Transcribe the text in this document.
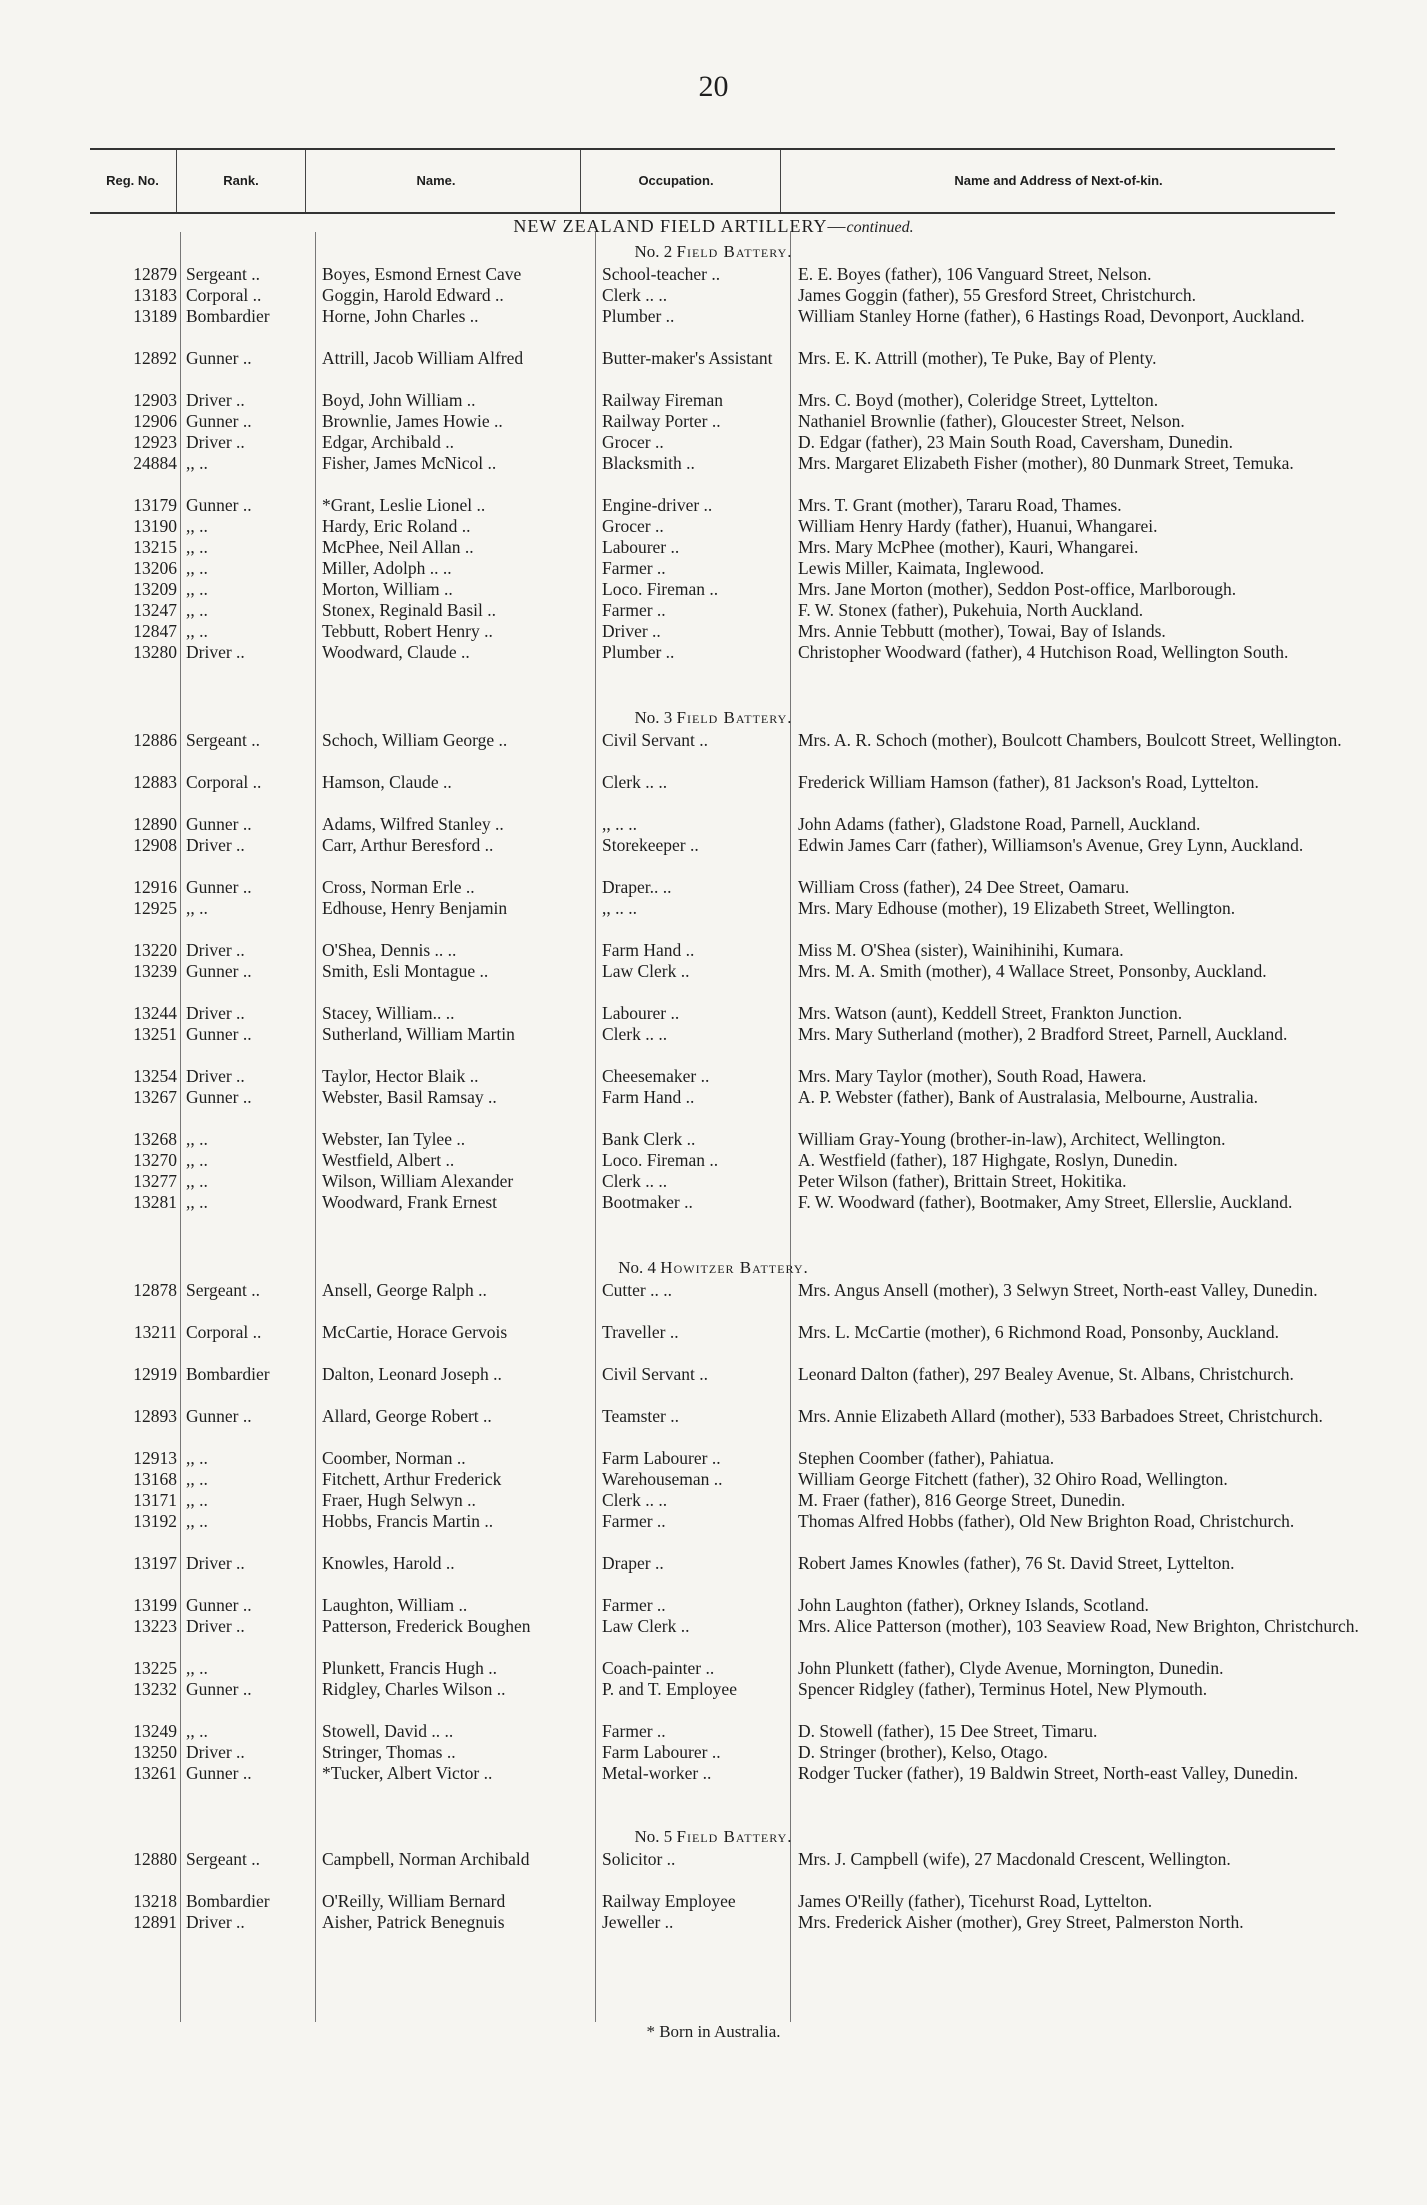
20
Reg. No.	Rank.	Name.	Occupation.	Name and Address of Next-of-kin.
NEW ZEALAND FIELD ARTILLERY—continued.
No. 2 Field Battery.
12879 Sergeant ..	Boyes, Esmond Ernest Cave	School-teacher ..	E. E. Boyes (father), 106 Vanguard Street, Nelson.
13183 Corporal ..	Goggin, Harold Edward ..	Clerk .. ..	James Goggin (father), 55 Gresford Street, Christchurch.
13189 Bombardier	Horne, John Charles ..	Plumber ..	William Stanley Horne (father), 6 Hastings Road, Devonport, Auckland.
12892 Gunner ..	Attrill, Jacob William Alfred	Butter-maker's Assistant	Mrs. E. K. Attrill (mother), Te Puke, Bay of Plenty.
12903 Driver ..	Boyd, John William ..	Railway Fireman	Mrs. C. Boyd (mother), Coleridge Street, Lyttelton.
12906 Gunner ..	Brownlie, James Howie ..	Railway Porter ..	Nathaniel Brownlie (father), Gloucester Street, Nelson.
12923 Driver ..	Edgar, Archibald ..	Grocer ..	D. Edgar (father), 23 Main South Road, Caversham, Dunedin.
24884 ,, ..	Fisher, James McNicol ..	Blacksmith ..	Mrs. Margaret Elizabeth Fisher (mother), 80 Dunmark Street, Temuka.
13179 Gunner ..	*Grant, Leslie Lionel ..	Engine-driver ..	Mrs. T. Grant (mother), Tararu Road, Thames.
13190 ,, ..	Hardy, Eric Roland ..	Grocer ..	William Henry Hardy (father), Huanui, Whangarei.
13215 ,, ..	McPhee, Neil Allan ..	Labourer ..	Mrs. Mary McPhee (mother), Kauri, Whangarei.
13206 ,, ..	Miller, Adolph .. ..	Farmer ..	Lewis Miller, Kaimata, Inglewood.
13209 ,, ..	Morton, William ..	Loco. Fireman ..	Mrs. Jane Morton (mother), Seddon Post-office, Marlborough.
13247 ,, ..	Stonex, Reginald Basil ..	Farmer ..	F. W. Stonex (father), Pukehuia, North Auckland.
12847 ,, ..	Tebbutt, Robert Henry ..	Driver ..	Mrs. Annie Tebbutt (mother), Towai, Bay of Islands.
13280 Driver ..	Woodward, Claude ..	Plumber ..	Christopher Woodward (father), 4 Hutchison Road, Wellington South.
No. 3 Field Battery.
12886 Sergeant ..	Schoch, William George ..	Civil Servant ..	Mrs. A. R. Schoch (mother), Boulcott Chambers, Boulcott Street, Wellington.
12883 Corporal ..	Hamson, Claude ..	Clerk .. ..	Frederick William Hamson (father), 81 Jackson's Road, Lyttelton.
12890 Gunner ..	Adams, Wilfred Stanley ..	,, .. ..	John Adams (father), Gladstone Road, Parnell, Auckland.
12908 Driver ..	Carr, Arthur Beresford ..	Storekeeper ..	Edwin James Carr (father), Williamson's Avenue, Grey Lynn, Auckland.
12916 Gunner ..	Cross, Norman Erle ..	Draper.. ..	William Cross (father), 24 Dee Street, Oamaru.
12925 ,, ..	Edhouse, Henry Benjamin	,, .. ..	Mrs. Mary Edhouse (mother), 19 Elizabeth Street, Wellington.
13220 Driver ..	O'Shea, Dennis .. ..	Farm Hand ..	Miss M. O'Shea (sister), Wainihinihi, Kumara.
13239 Gunner ..	Smith, Esli Montague ..	Law Clerk ..	Mrs. M. A. Smith (mother), 4 Wallace Street, Ponsonby, Auckland.
13244 Driver ..	Stacey, William.. ..	Labourer ..	Mrs. Watson (aunt), Keddell Street, Frankton Junction.
13251 Gunner ..	Sutherland, William Martin	Clerk .. ..	Mrs. Mary Sutherland (mother), 2 Bradford Street, Parnell, Auckland.
13254 Driver ..	Taylor, Hector Blaik ..	Cheesemaker ..	Mrs. Mary Taylor (mother), South Road, Hawera.
13267 Gunner ..	Webster, Basil Ramsay ..	Farm Hand ..	A. P. Webster (father), Bank of Australasia, Melbourne, Australia.
13268 ,, ..	Webster, Ian Tylee ..	Bank Clerk ..	William Gray-Young (brother-in-law), Architect, Wellington.
13270 ,, ..	Westfield, Albert ..	Loco. Fireman ..	A. Westfield (father), 187 Highgate, Roslyn, Dunedin.
13277 ,, ..	Wilson, William Alexander	Clerk .. ..	Peter Wilson (father), Brittain Street, Hokitika.
13281 ,, ..	Woodward, Frank Ernest	Bootmaker ..	F. W. Woodward (father), Bootmaker, Amy Street, Ellerslie, Auckland.
No. 4 Howitzer Battery.
12878 Sergeant ..	Ansell, George Ralph ..	Cutter .. ..	Mrs. Angus Ansell (mother), 3 Selwyn Street, North-east Valley, Dunedin.
13211 Corporal ..	McCartie, Horace Gervois	Traveller ..	Mrs. L. McCartie (mother), 6 Richmond Road, Ponsonby, Auckland.
12919 Bombardier	Dalton, Leonard Joseph ..	Civil Servant ..	Leonard Dalton (father), 297 Bealey Avenue, St. Albans, Christchurch.
12893 Gunner ..	Allard, George Robert ..	Teamster ..	Mrs. Annie Elizabeth Allard (mother), 533 Barbadoes Street, Christchurch.
12913 ,, ..	Coomber, Norman ..	Farm Labourer ..	Stephen Coomber (father), Pahiatua.
13168 ,, ..	Fitchett, Arthur Frederick	Warehouseman ..	William George Fitchett (father), 32 Ohiro Road, Wellington.
13171 ,, ..	Fraer, Hugh Selwyn ..	Clerk .. ..	M. Fraer (father), 816 George Street, Dunedin.
13192 ,, ..	Hobbs, Francis Martin ..	Farmer ..	Thomas Alfred Hobbs (father), Old New Brighton Road, Christchurch.
13197 Driver ..	Knowles, Harold ..	Draper ..	Robert James Knowles (father), 76 St. David Street, Lyttelton.
13199 Gunner ..	Laughton, William ..	Farmer ..	John Laughton (father), Orkney Islands, Scotland.
13223 Driver ..	Patterson, Frederick Boughen	Law Clerk ..	Mrs. Alice Patterson (mother), 103 Seaview Road, New Brighton, Christchurch.
13225 ,, ..	Plunkett, Francis Hugh ..	Coach-painter ..	John Plunkett (father), Clyde Avenue, Mornington, Dunedin.
13232 Gunner ..	Ridgley, Charles Wilson ..	P. and T. Employee	Spencer Ridgley (father), Terminus Hotel, New Plymouth.
13249 ,, ..	Stowell, David .. ..	Farmer ..	D. Stowell (father), 15 Dee Street, Timaru.
13250 Driver ..	Stringer, Thomas ..	Farm Labourer ..	D. Stringer (brother), Kelso, Otago.
13261 Gunner ..	*Tucker, Albert Victor ..	Metal-worker ..	Rodger Tucker (father), 19 Baldwin Street, North-east Valley, Dunedin.
No. 5 Field Battery.
12880 Sergeant ..	Campbell, Norman Archibald	Solicitor ..	Mrs. J. Campbell (wife), 27 Macdonald Crescent, Wellington.
13218 Bombardier	O'Reilly, William Bernard	Railway Employee	James O'Reilly (father), Ticehurst Road, Lyttelton.
12891 Driver ..	Aisher, Patrick Benegnuis	Jeweller ..	Mrs. Frederick Aisher (mother), Grey Street, Palmerston North.
* Born in Australia.
